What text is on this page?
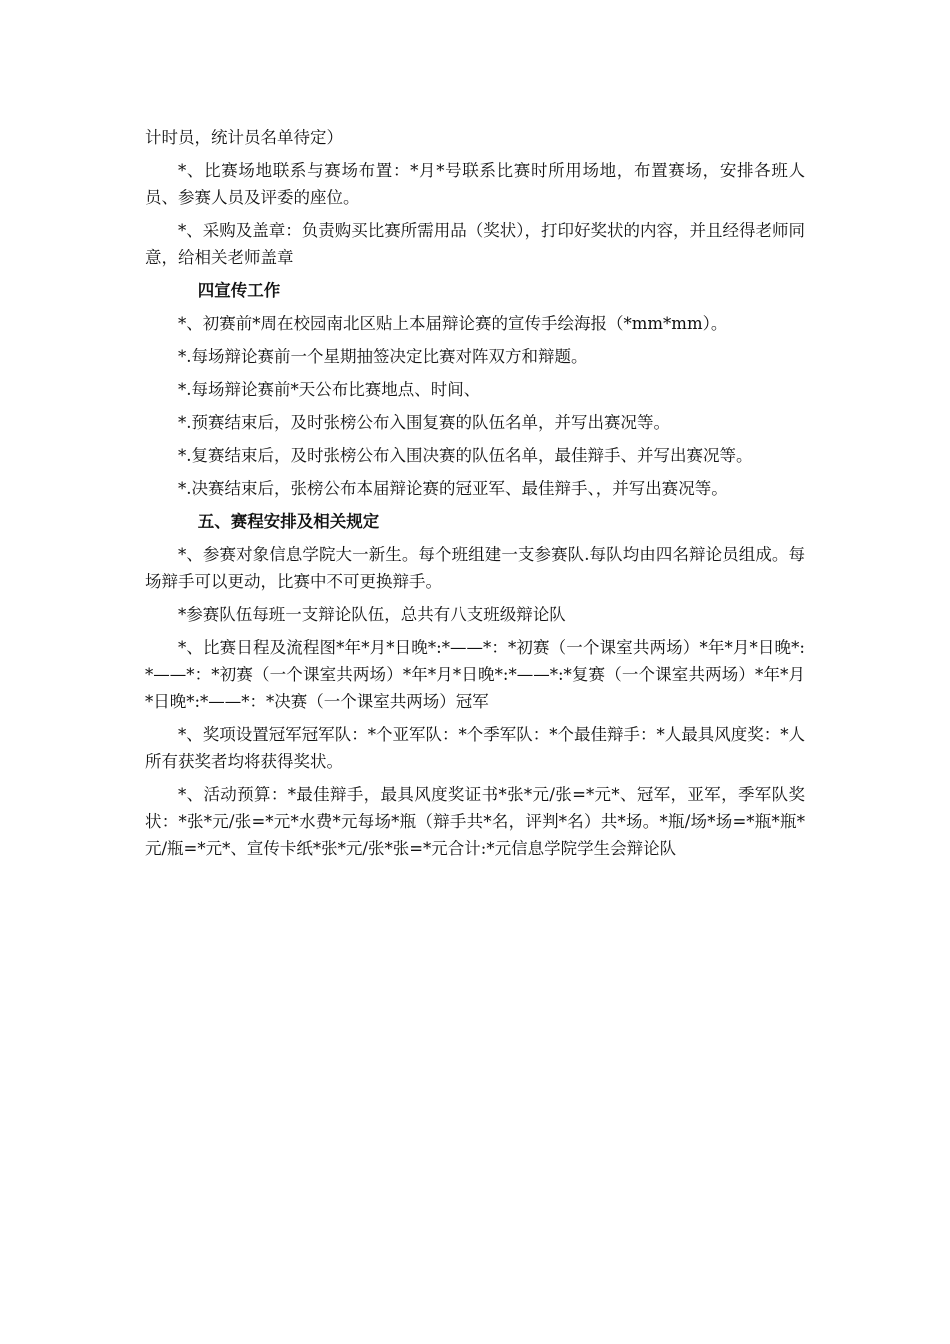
计时员，统计员名单待定）

*、比赛场地联系与赛场布置：*月*号联系比赛时所用场地，布置赛场，安排各班人员、参赛人员及评委的座位。

*、采购及盖章：负责购买比赛所需用品（奖状），打印好奖状的内容，并且经得老师同意，给相关老师盖章

四宣传工作

*、初赛前*周在校园南北区贴上本届辩论赛的宣传手绘海报（*mm*mm）。

*.每场辩论赛前一个星期抽签决定比赛对阵双方和辩题。

*.每场辩论赛前*天公布比赛地点、时间、

*.预赛结束后，及时张榜公布入围复赛的队伍名单，并写出赛况等。

*.复赛结束后，及时张榜公布入围决赛的队伍名单，最佳辩手、并写出赛况等。

*.决赛结束后，张榜公布本届辩论赛的冠亚军、最佳辩手、，并写出赛况等。

五、赛程安排及相关规定

*、参赛对象信息学院大一新生。每个班组建一支参赛队.每队均由四名辩论员组成。每场辩手可以更动，比赛中不可更换辩手。

*参赛队伍每班一支辩论队伍，总共有八支班级辩论队

*、比赛日程及流程图*年*月*日晚*:*——*：*初赛（一个课室共两场）*年*月*日晚*:*——*：*初赛（一个课室共两场）*年*月*日晚*:*——*:*复赛（一个课室共两场）*年*月*日晚*:*——*：*决赛（一个课室共两场）冠军

*、奖项设置冠军冠军队：*个亚军队：*个季军队：*个最佳辩手：*人最具风度奖：*人所有获奖者均将获得奖状。

*、活动预算：*最佳辩手，最具风度奖证书*张*元/张=*元*、冠军，亚军，季军队奖状：*张*元/张=*元*水费*元每场*瓶（辩手共*名，评判*名）共*场。*瓶/场*场=*瓶*瓶*元/瓶=*元*、宣传卡纸*张*元/张*张=*元合计:*元信息学院学生会辩论队
